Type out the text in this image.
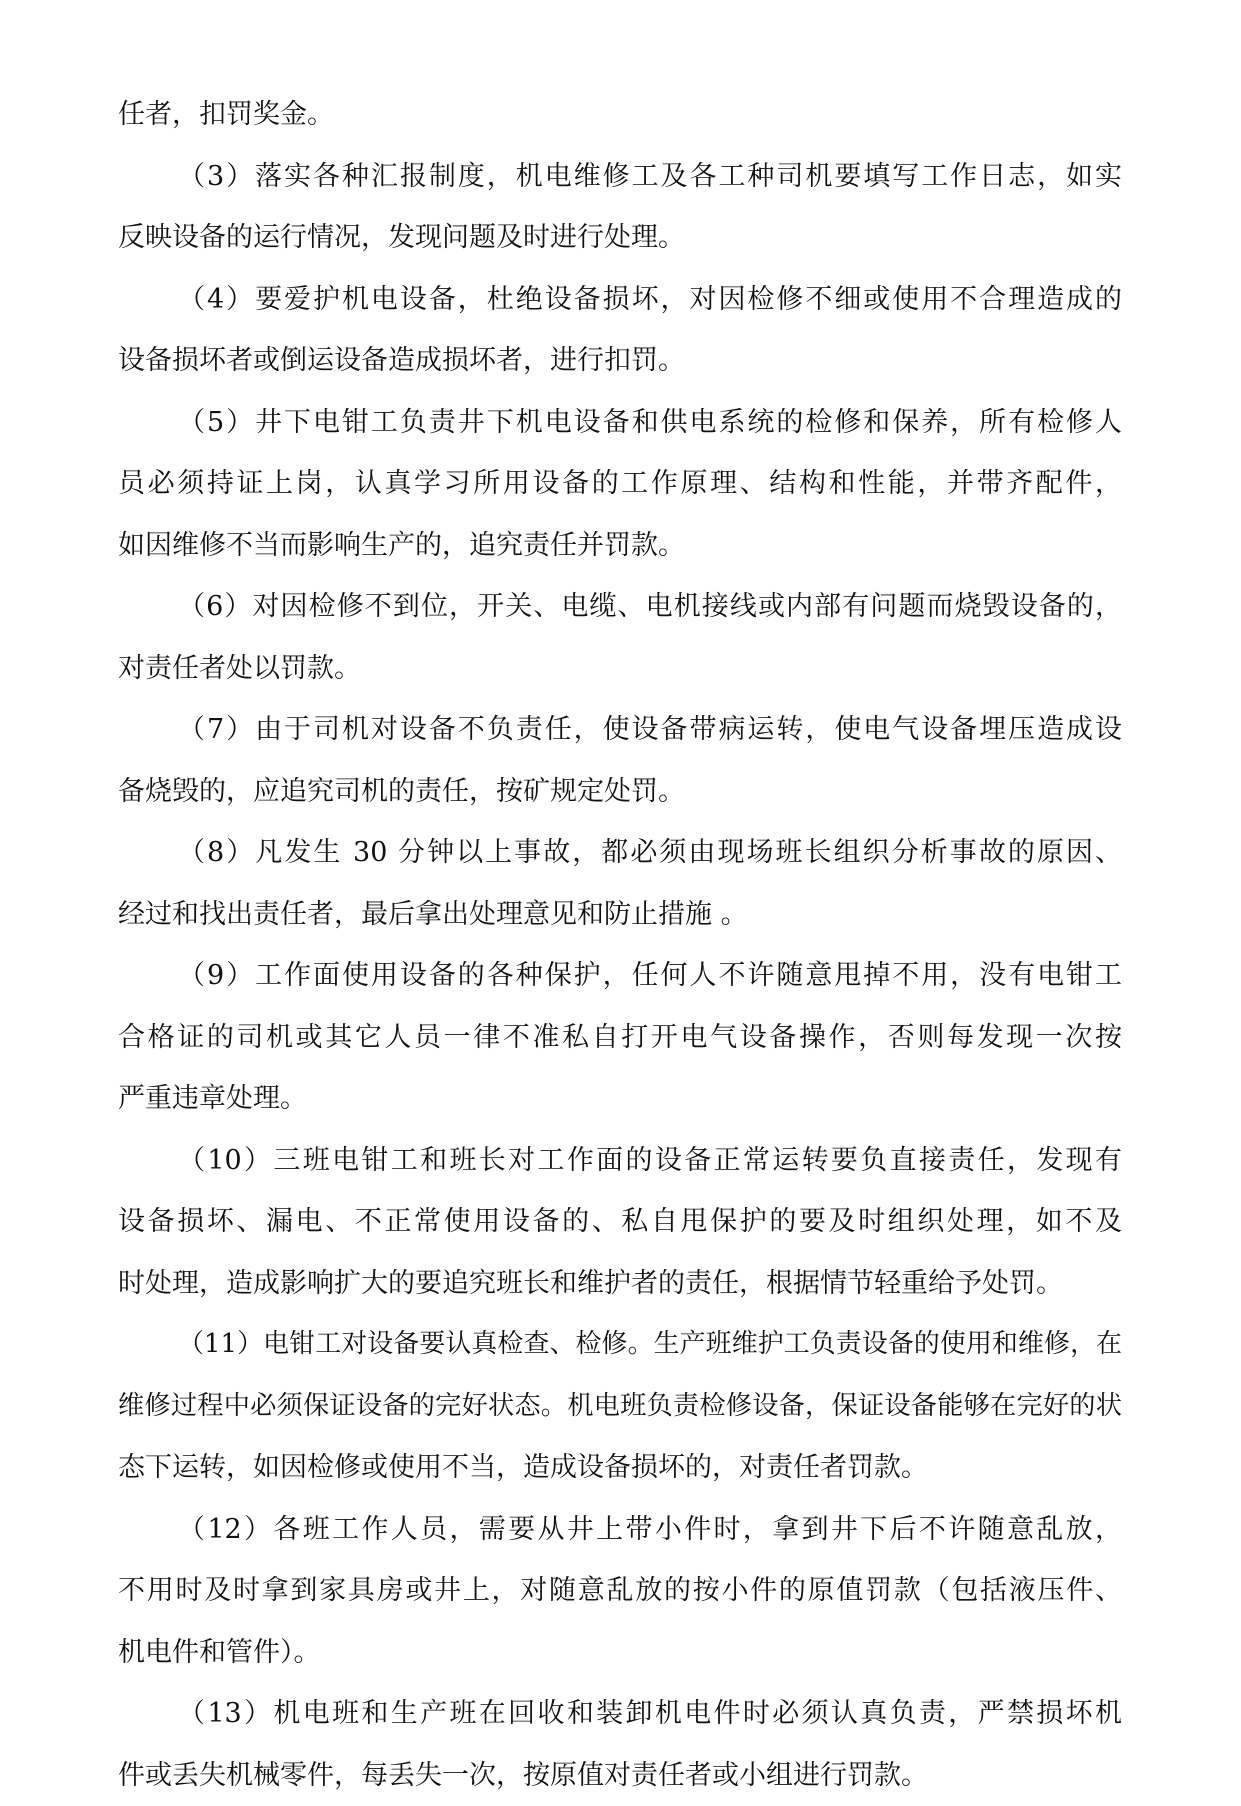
任者，扣罚奖金。
（3）落实各种汇报制度，机电维修工及各工种司机要填写工作日志，如实
反映设备的运行情况，发现问题及时进行处理。
（4）要爱护机电设备，杜绝设备损坏，对因检修不细或使用不合理造成的
设备损坏者或倒运设备造成损坏者，进行扣罚。
（5）井下电钳工负责井下机电设备和供电系统的检修和保养，所有检修人
员必须持证上岗，认真学习所用设备的工作原理、结构和性能，并带齐配件，
如因维修不当而影响生产的，追究责任并罚款。
（6）对因检修不到位，开关、电缆、电机接线或内部有问题而烧毁设备的，
对责任者处以罚款。
（7）由于司机对设备不负责任，使设备带病运转，使电气设备埋压造成设
备烧毁的，应追究司机的责任，按矿规定处罚。
（8）凡发生 30 分钟以上事故，都必须由现场班长组织分析事故的原因、
经过和找出责任者，最后拿出处理意见和防止措施 。
（9）工作面使用设备的各种保护，任何人不许随意甩掉不用，没有电钳工
合格证的司机或其它人员一律不准私自打开电气设备操作，否则每发现一次按
严重违章处理。
（10）三班电钳工和班长对工作面的设备正常运转要负直接责任，发现有
设备损坏、漏电、不正常使用设备的、私自甩保护的要及时组织处理，如不及
时处理，造成影响扩大的要追究班长和维护者的责任，根据情节轻重给予处罚。
（11）电钳工对设备要认真检查、检修。生产班维护工负责设备的使用和维修，在
维修过程中必须保证设备的完好状态。机电班负责检修设备，保证设备能够在完好的状
态下运转，如因检修或使用不当，造成设备损坏的，对责任者罚款。
（12）各班工作人员，需要从井上带小件时，拿到井下后不许随意乱放，
不用时及时拿到家具房或井上，对随意乱放的按小件的原值罚款（包括液压件、
机电件和管件）。
（13）机电班和生产班在回收和装卸机电件时必须认真负责，严禁损坏机
件或丢失机械零件，每丢失一次，按原值对责任者或小组进行罚款。
